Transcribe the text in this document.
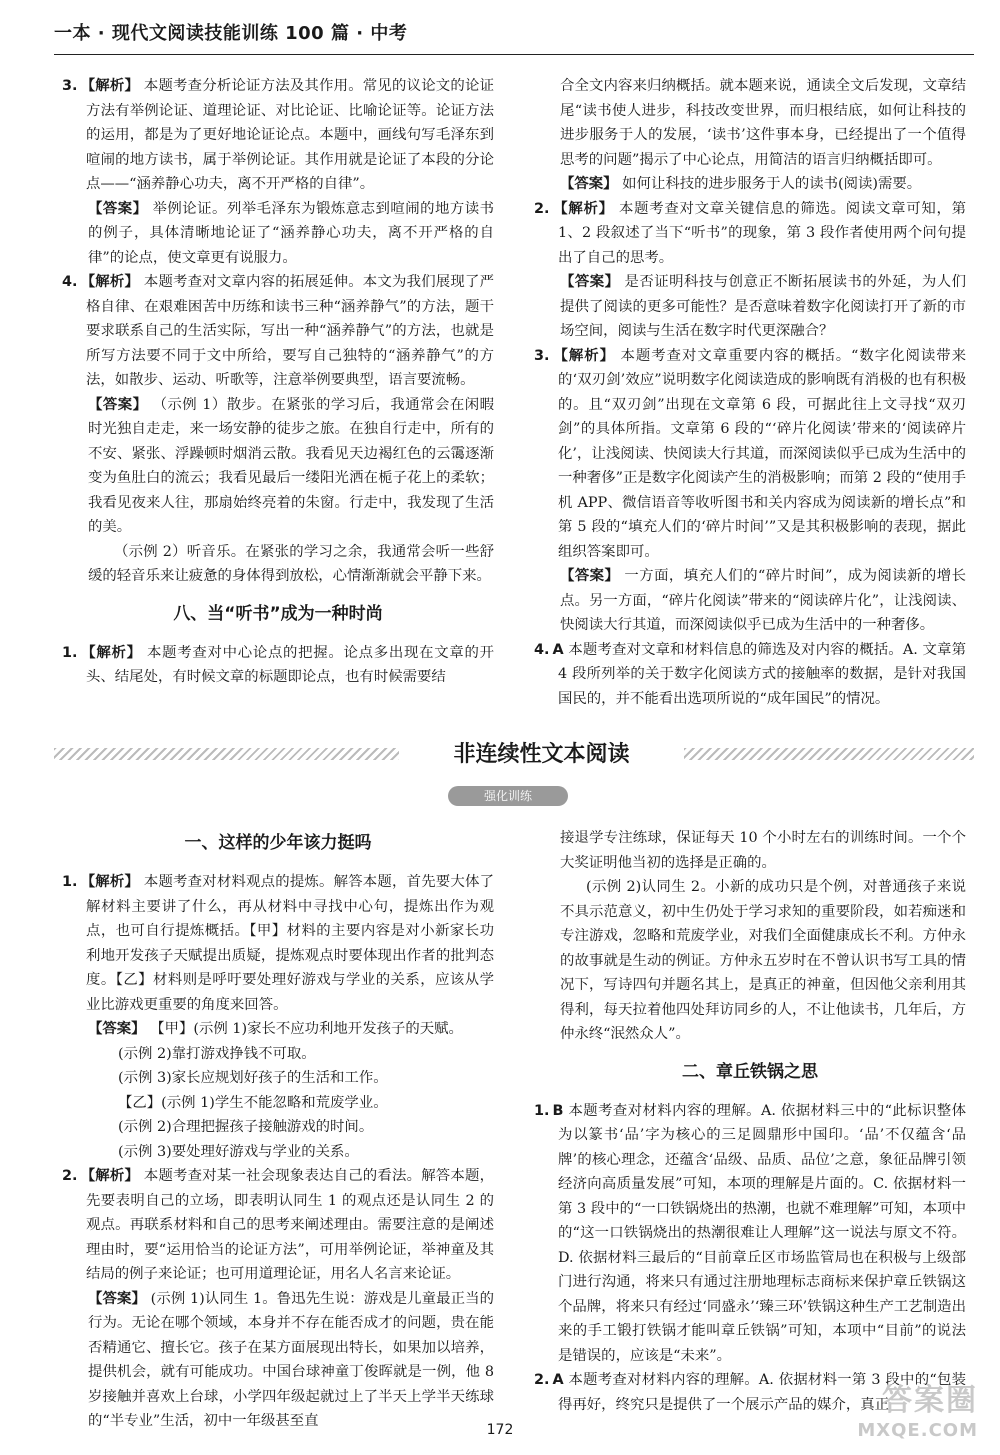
一本 · 现代文阅读技能训练 100 篇 · 中考

3. 【解析】 本题考查分析论证方法及其作用。常见的议论文的论证方法有举例论证、道理论证、对比论证、比喻论证等。论证方法的运用，都是为了更好地论证论点。本题中，画线句写毛泽东到喧闹的地方读书，属于举例论证。其作用就是论证了本段的分论点——“涵养静心功夫，离不开严格的自律”。

【答案】 举例论证。列举毛泽东为锻炼意志到喧闹的地方读书的例子，具体清晰地论证了“涵养静心功夫，离不开严格的自律”的论点，使文章更有说服力。

4. 【解析】 本题考查对文章内容的拓展延伸。本文为我们展现了严格自律、在艰难困苦中历练和读书三种“涵养静气”的方法，题干要求联系自己的生活实际，写出一种“涵养静气”的方法，也就是所写方法要不同于文中所给，要写自己独特的“涵养静气”的方法，如散步、运动、听歌等，注意举例要典型，语言要流畅。

【答案】 （示例 1）散步。在紧张的学习后，我通常会在闲暇时光独自走走，来一场安静的徒步之旅。在独自行走中，所有的不安、紧张、浮躁顿时烟消云散。我看见天边褐红色的云霭逐渐变为鱼肚白的流云；我看见最后一缕阳光洒在栀子花上的柔软；我看见夜来人往，那扇始终亮着的朱窗。行走中，我发现了生活的美。

（示例 2）听音乐。在紧张的学习之余，我通常会听一些舒缓的轻音乐来让疲惫的身体得到放松，心情渐渐就会平静下来。

八、当“听书”成为一种时尚

1. 【解析】 本题考查对中心论点的把握。论点多出现在文章的开头、结尾处，有时候文章的标题即论点，也有时候需要结

合全文内容来归纳概括。就本题来说，通读全文后发现，文章结尾“读书使人进步，科技改变世界，而归根结底，如何让科技的进步服务于人的发展，‘读书’这件事本身，已经提出了一个值得思考的问题”揭示了中心论点，用简洁的语言归纳概括即可。

【答案】 如何让科技的进步服务于人的读书(阅读)需要。

2. 【解析】 本题考查对文章关键信息的筛选。阅读文章可知，第 1、2 段叙述了当下“听书”的现象，第 3 段作者使用两个问句提出了自己的思考。

【答案】 是否证明科技与创意正不断拓展读书的外延，为人们提供了阅读的更多可能性？是否意味着数字化阅读打开了新的市场空间，阅读与生活在数字时代更深融合？

3. 【解析】 本题考查对文章重要内容的概括。“数字化阅读带来的‘双刃剑’效应”说明数字化阅读造成的影响既有消极的也有积极的。且“双刃剑”出现在文章第 6 段，可据此往上文寻找“双刃剑”的具体所指。文章第 6 段的“‘碎片化阅读’带来的‘阅读碎片化’，让浅阅读、快阅读大行其道，而深阅读似乎已成为生活中的一种奢侈”正是数字化阅读产生的消极影响；而第 2 段的“使用手机 APP、微信语音等收听图书和关内容成为阅读新的增长点”和第 5 段的“填充人们的‘碎片时间’”又是其积极影响的表现，据此组织答案即可。

【答案】 一方面，填充人们的“碎片时间”，成为阅读新的增长点。另一方面，“碎片化阅读”带来的“阅读碎片化”，让浅阅读、快阅读大行其道，而深阅读似乎已成为生活中的一种奢侈。

4. A 本题考查对文章和材料信息的筛选及对内容的概括。A. 文章第 4 段所列举的关于数字化阅读方式的接触率的数据，是针对我国国民的，并不能看出选项所说的“成年国民”的情况。

非连续性文本阅读
强化训练
一、这样的少年该力挺吗

1. 【解析】 本题考查对材料观点的提炼。解答本题，首先要大体了解材料主要讲了什么，再从材料中寻找中心句，提炼出作为观点，也可自行提炼概括。【甲】材料的主要内容是对小新家长功利地开发孩子天赋提出质疑，提炼观点时要体现出作者的批判态度。【乙】材料则是呼吁要处理好游戏与学业的关系，应该从学业比游戏更重要的角度来回答。

【答案】 【甲】(示例 1)家长不应功利地开发孩子的天赋。

(示例 2)靠打游戏挣钱不可取。

(示例 3)家长应规划好孩子的生活和工作。

【乙】(示例 1)学生不能忽略和荒废学业。

(示例 2)合理把握孩子接触游戏的时间。

(示例 3)要处理好游戏与学业的关系。

2. 【解析】 本题考查对某一社会现象表达自己的看法。解答本题，先要表明自己的立场，即表明认同生 1 的观点还是认同生 2 的观点。再联系材料和自己的思考来阐述理由。需要注意的是阐述理由时，要“运用恰当的论证方法”，可用举例论证，举神童及其结局的例子来论证；也可用道理论证，用名人名言来论证。

【答案】 (示例 1)认同生 1。鲁迅先生说：游戏是儿童最正当的行为。无论在哪个领域，本身并不存在能否成才的问题，贵在能否精通它、擅长它。孩子在某方面展现出特长，如果加以培养，提供机会，就有可能成功。中国台球神童丁俊晖就是一例，他 8 岁接触并喜欢上台球，小学四年级起就过上了半天上学半天练球的“半专业”生活，初中一年级甚至直

接退学专注练球，保证每天 10 个小时左右的训练时间。一个个大奖证明他当初的选择是正确的。

(示例 2)认同生 2。小新的成功只是个例，对普通孩子来说不具示范意义，初中生仍处于学习求知的重要阶段，如若痴迷和专注游戏，忽略和荒废学业，对我们全面健康成长不利。方仲永的故事就是生动的例证。方仲永五岁时在不曾认识书写工具的情况下，写诗四句并题名其上，是真正的神童，但因他父亲利用其得利，每天拉着他四处拜访同乡的人，不让他读书，几年后，方仲永终“泯然众人”。

二、章丘铁锅之思

1. B 本题考查对材料内容的理解。A. 依据材料三中的“此标识整体为以篆书‘品’字为核心的三足圆鼎形中国印。‘品’不仅蕴含‘品牌’的核心理念，还蕴含‘品级、品质、品位’之意，象征品牌引领经济向高质量发展”可知，本项的理解是片面的。C. 依据材料一第 3 段中的“一口铁锅烧出的热潮，也就不难理解”可知，本项中的“这一口铁锅烧出的热潮很难让人理解”这一说法与原文不符。D. 依据材料三最后的“目前章丘区市场监管局也在积极与上级部门进行沟通，将来只有通过注册地理标志商标来保护章丘铁锅这个品牌，将来只有经过‘同盛永’‘臻三环’铁锅这种生产工艺制造出来的手工锻打铁锅才能叫章丘铁锅”可知，本项中“目前”的说法是错误的，应该是“未来”。

2. A 本题考查对材料内容的理解。A. 依据材料一第 3 段中的“包装得再好，终究只是提供了一个展示产品的媒介，真正

172
答案圈
MXQE.COM
